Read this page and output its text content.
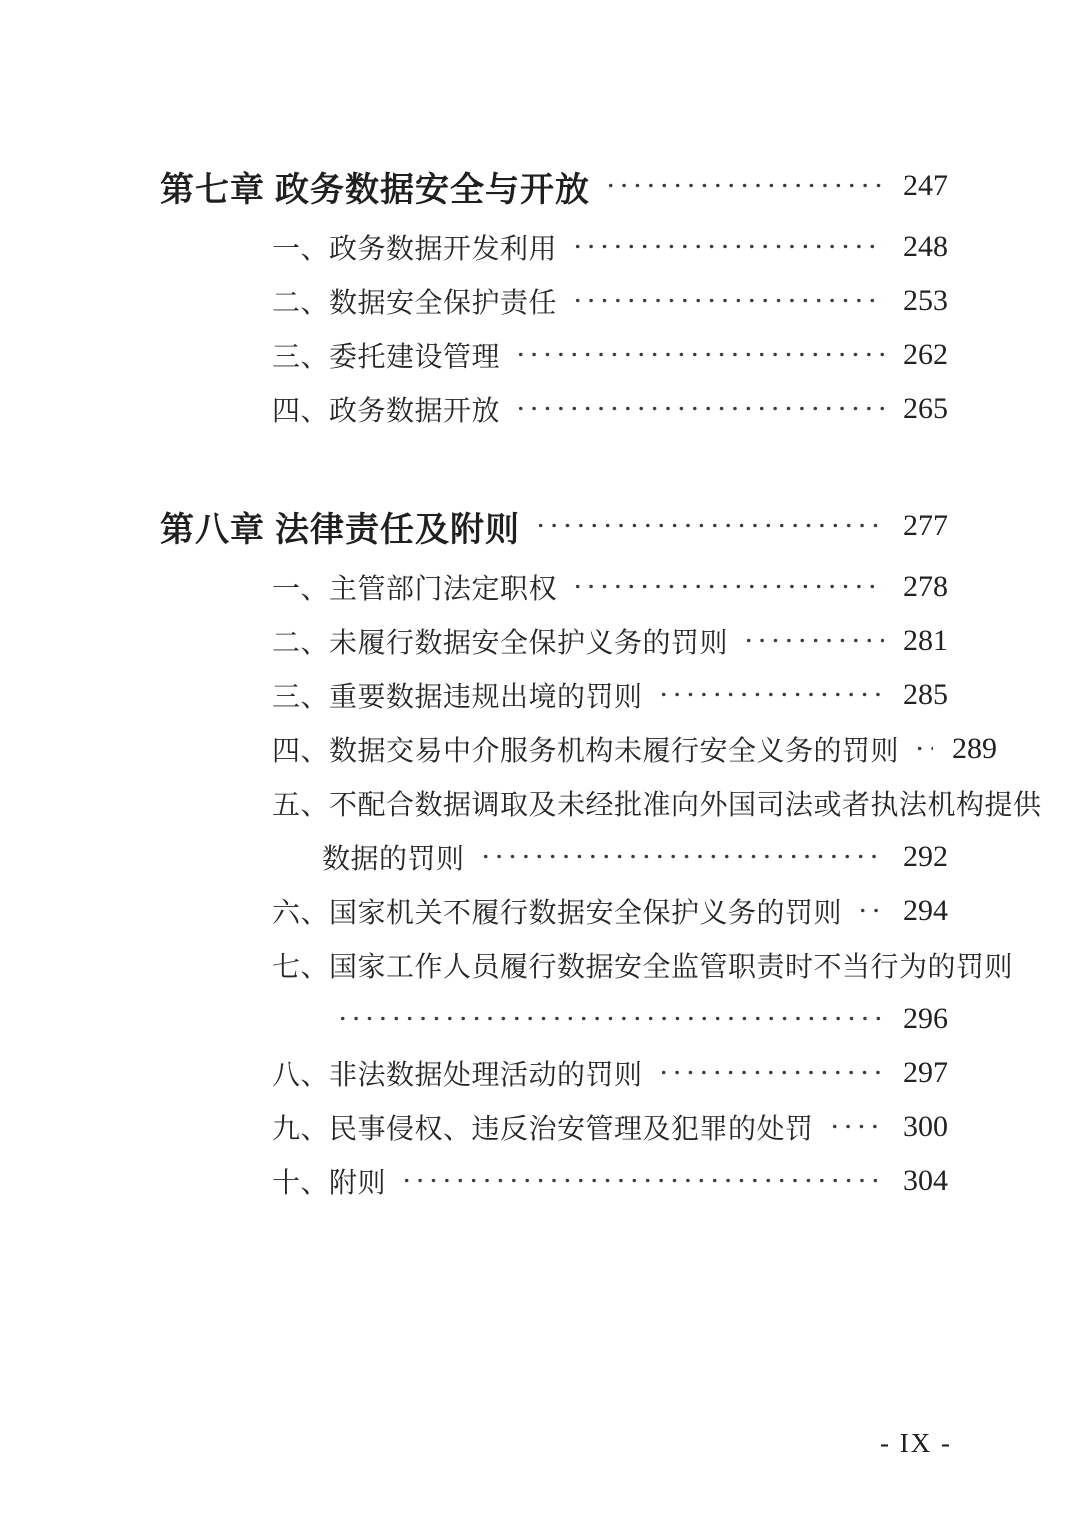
第七章 政务数据安全与开放	247
一、政务数据开发利用	248
二、数据安全保护责任	253
三、委托建设管理	262
四、政务数据开放	265
第八章 法律责任及附则	277
一、主管部门法定职权	278
二、未履行数据安全保护义务的罚则	281
三、重要数据违规出境的罚则	285
四、数据交易中介服务机构未履行安全义务的罚则 289
五、不配合数据调取及未经批准向外国司法或者执法机构提供
数据的罚则	292
六、国家机关不履行数据安全保护义务的罚则 294
七、国家工作人员履行数据安全监管职责时不当行为的罚则
296
八、非法数据处理活动的罚则	297
九、民事侵权、违反治安管理及犯罪的处罚	300
十、附则	304
- IX -
